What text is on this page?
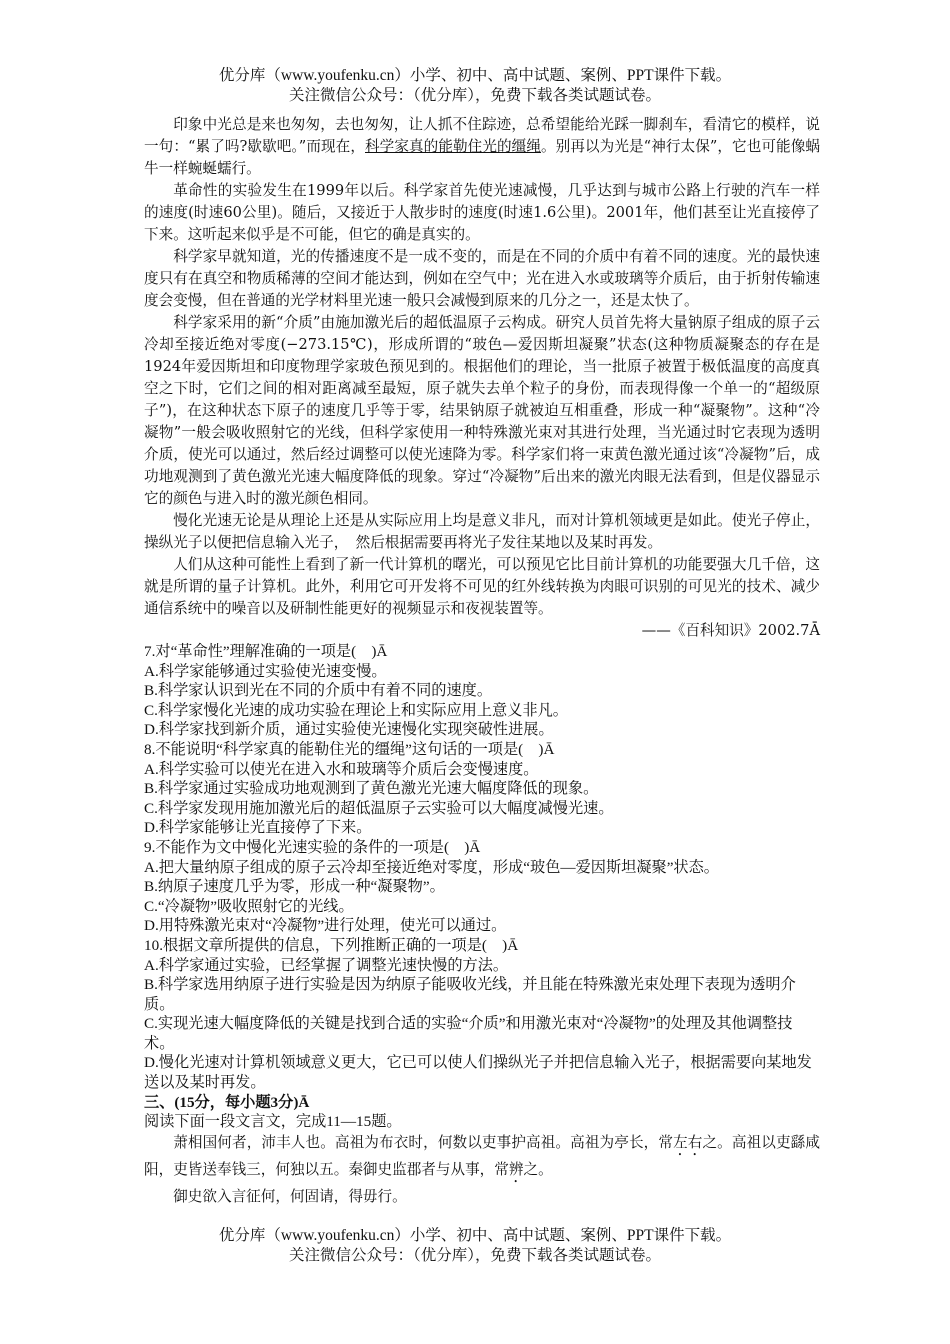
优分库（www.youfenku.cn）小学、初中、高中试题、案例、PPT课件下载。
关注微信公众号：（优分库），免费下载各类试题试卷。

印象中光总是来也匆匆，去也匆匆，让人抓不住踪迹，总希望能给光踩一脚刹车，看清它的模样，说一句：“累了吗?歇歇吧。”而现在，科学家真的能勒住光的缰绳。别再以为光是“神行太保”，它也可能像蜗牛一样蜿蜒蠕行。

革命性的实验发生在1999年以后。科学家首先使光速减慢，几乎达到与城市公路上行驶的汽车一样的速度(时速60公里)。随后，又接近于人散步时的速度(时速1.6公里)。2001年，他们甚至让光直接停了下来。这听起来似乎是不可能，但它的确是真实的。

科学家早就知道，光的传播速度不是一成不变的，而是在不同的介质中有着不同的速度。光的最快速度只有在真空和物质稀薄的空间才能达到，例如在空气中；光在进入水或玻璃等介质后，由于折射传输速度会变慢，但在普通的光学材料里光速一般只会减慢到原来的几分之一，还是太快了。

科学家采用的新“介质”由施加激光后的超低温原子云构成。研究人员首先将大量钠原子组成的原子云冷却至接近绝对零度(−273.15℃)，形成所谓的“玻色—爱因斯坦凝聚”状态(这种物质凝聚态的存在是1924年爱因斯坦和印度物理学家玻色预见到的。根据他们的理论，当一批原子被置于极低温度的高度真空之下时，它们之间的相对距离减至最短，原子就失去单个粒子的身份，而表现得像一个单一的“超级原子”)，在这种状态下原子的速度几乎等于零，结果钠原子就被迫互相重叠，形成一种“凝聚物”。这种“冷凝物”一般会吸收照射它的光线，但科学家使用一种特殊激光束对其进行处理，当光通过时它表现为透明介质，使光可以通过，然后经过调整可以使光速降为零。科学家们将一束黄色激光通过该“冷凝物”后，成功地观测到了黄色激光光速大幅度降低的现象。穿过“冷凝物”后出来的激光肉眼无法看到，但是仪器显示它的颜色与进入时的激光颜色相同。

慢化光速无论是从理论上还是从实际应用上均是意义非凡，而对计算机领域更是如此。使光子停止，操纵光子以便把信息输入光子，　然后根据需要再将光子发往某地以及某时再发。

人们从这种可能性上看到了新一代计算机的曙光，可以预见它比目前计算机的功能要强大几千倍，这就是所谓的量子计算机。此外，利用它可开发将不可见的红外线转换为肉眼可识别的可见光的技术、减少通信系统中的噪音以及研制性能更好的视频显示和夜视装置等。

——《百科知识》2002.7Ā

7.对“革命性”理解准确的一项是(　)Ā

A.科学家能够通过实验使光速变慢。

B.科学家认识到光在不同的介质中有着不同的速度。

C.科学家慢化光速的成功实验在理论上和实际应用上意义非凡。

D.科学家找到新介质，通过实验使光速慢化实现突破性进展。

8.不能说明“科学家真的能勒住光的缰绳”这句话的一项是(　)Ā

A.科学实验可以使光在进入水和玻璃等介质后会变慢速度。

B.科学家通过实验成功地观测到了黄色激光光速大幅度降低的现象。

C.科学家发现用施加激光后的超低温原子云实验可以大幅度减慢光速。

D.科学家能够让光直接停了下来。

9.不能作为文中慢化光速实验的条件的一项是(　)Ā

A.把大量纳原子组成的原子云冷却至接近绝对零度，形成“玻色—爱因斯坦凝聚”状态。

B.纳原子速度几乎为零，形成一种“凝聚物”。

C.“冷凝物”吸收照射它的光线。

D.用特殊激光束对“冷凝物”进行处理，使光可以通过。

10.根据文章所提供的信息，下列推断正确的一项是(　)Ā

A.科学家通过实验，已经掌握了调整光速快慢的方法。

B.科学家选用纳原子进行实验是因为纳原子能吸收光线，并且能在特殊激光束处理下表现为透明介质。

C.实现光速大幅度降低的关键是找到合适的实验“介质”和用激光束对“冷凝物”的处理及其他调整技术。

D.慢化光速对计算机领域意义更大，它已可以使人们操纵光子并把信息输入光子，根据需要向某地发送以及某时再发。

三、(15分，每小题3分)Ā

阅读下面一段文言文，完成11—15题。

萧相国何者，沛丰人也。高祖为布衣时，何数以吏事护高祖。高祖为亭长，常左右之。高祖以吏繇咸阳，吏皆送奉钱三，何独以五。秦御史监郡者与从事，常辨之。

御史欲入言征何，何固请，得毋行。

优分库（www.youfenku.cn）小学、初中、高中试题、案例、PPT课件下载。
关注微信公众号：（优分库），免费下载各类试题试卷。
